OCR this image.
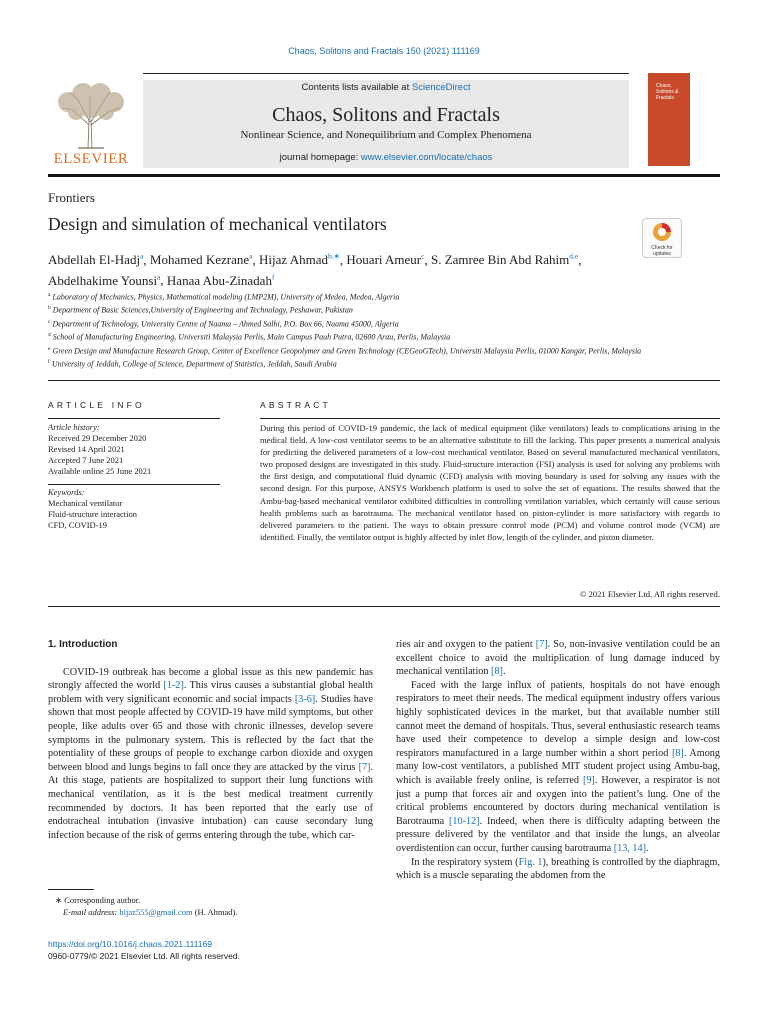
Chaos, Solitons and Fractals 150 (2021) 111169
ELSEVIER
Contents lists available at ScienceDirect
Chaos, Solitons and Fractals
Nonlinear Science, and Nonequilibrium and Complex Phenomena
journal homepage: www.elsevier.com/locate/chaos
Chaos, Solitons & Fractals
Frontiers
Design and simulation of mechanical ventilators
Check for updates
Abdellah El-Hadj$^a$, Mohamed Kezrane$^a$, Hijaz Ahmad$^{b,∗}$, Houari Ameur$^c$, S. Zamree Bin Abd Rahim$^{d,e}$, Abdelhakime Younsi$^a$, Hanaa Abu-Zinadah$^f$
$^a$ Laboratory of Mechanics, Physics, Mathematical modeling (LMP2M), University of Medea, Medea, Algeria
$^b$ Department of Basic Sciences,University of Engineering and Technology, Peshawar, Pakistan
$^c$ Department of Technology, University Centre of Naama – Ahmed Salhi, P.O. Box 66, Naama 45000, Algeria
$^d$ School of Manufacturing Engineering, Universiti Malaysia Perlis, Main Campus Pauh Putra, 02600 Arau, Perlis, Malaysia
$^e$ Green Design and Manufacture Research Group, Center of Excellence Geopolymer and Green Technology (CEGeoGTech), Universiti Malaysia Perlis, 01000 Kangar, Perlis, Malaysia
$^f$ University of Jeddah, College of Science, Department of Statistics, Jeddah, Saudi Arabia
ARTICLE INFO
Article history:
Received 29 December 2020
Revised 14 April 2021
Accepted 7 June 2021
Available online 25 June 2021
Keywords:
Mechanical ventilator
Fluid-structure interaction
CFD, COVID-19
ABSTRACT
During this period of COVID-19 pandemic, the lack of medical equipment (like ventilators) leads to complications arising in the medical field. A low-cost ventilator seems to be an alternative substitute to fill the lacking. This paper presents a numerical analysis for predicting the delivered parameters of a low-cost mechanical ventilator. Based on several manufactured mechanical ventilators, two proposed designs are investigated in this study. Fluid-structure interaction (FSI) analysis is used for solving any problems with the first design, and computational fluid dynamic (CFD) analysis with moving boundary is used for solving any issues with the second design. For this purpose, ANSYS Workbench platform is used to solve the set of equations. The results showed that the Ambu-bag-based mechanical ventilator exhibited difficulties in controlling ventilation variables, which certainly will cause serious health problems such as barotrauma. The mechanical ventilator based on piston-cylinder is more satisfactory with regards to delivered parameters to the patient. The ways to obtain pressure control mode (PCM) and volume control mode (VCM) are identified. Finally, the ventilator output is highly affected by inlet flow, length of the cylinder, and piston diameter.
© 2021 Elsevier Ltd. All rights reserved.
1. Introduction

COVID-19 outbreak has become a global issue as this new pandemic has strongly affected the world [1-2]. This virus causes a substantial global health problem with very significant economic and social impacts [3-6]. Studies have shown that most people affected by COVID-19 have mild symptoms, but other people, like adults over 65 and those with chronic illnesses, develop severe symptoms in the pulmonary system. This is reflected by the fact that the potentiality of these groups of people to exchange carbon dioxide and oxygen between blood and lungs begins to fall once they are attacked by the virus [7]. At this stage, patients are hospitalized to support their lung functions with mechanical ventilation, as it is the best medical treatment currently recommended by doctors. It has been reported that the early use of endotracheal intubation (invasive intubation) can cause secondary lung infection because of the risk of germs entering through the tube, which car-

ries air and oxygen to the patient [7]. So, non-invasive ventilation could be an excellent choice to avoid the multiplication of lung damage induced by mechanical ventilation [8].

Faced with the large influx of patients, hospitals do not have enough respirators to meet their needs. The medical equipment industry offers various highly sophisticated devices in the market, but that available number still cannot meet the demand of hospitals. Thus, several enthusiastic research teams have used their competence to develop a simple design and low-cost respirators manufactured in a large number within a short period [8]. Among many low-cost ventilators, a published MIT student project using Ambu-bag, which is available freely online, is referred [9]. However, a respirator is not just a pump that forces air and oxygen into the patient’s lung. One of the critical problems encountered by doctors during mechanical ventilation is Barotrauma [10-12]. Indeed, when there is difficulty adapting between the pressure delivered by the ventilator and that inside the lungs, an alveolar overdistention can occur, further causing barotrauma [13, 14].

In the respiratory system (Fig. 1), breathing is controlled by the diaphragm, which is a muscle separating the abdomen from the

∗ Corresponding author.
E-mail address: hijaz555@gmail.com (H. Ahmad).
https://doi.org/10.1016/j.chaos.2021.111169
0960-0779/© 2021 Elsevier Ltd. All rights reserved.
